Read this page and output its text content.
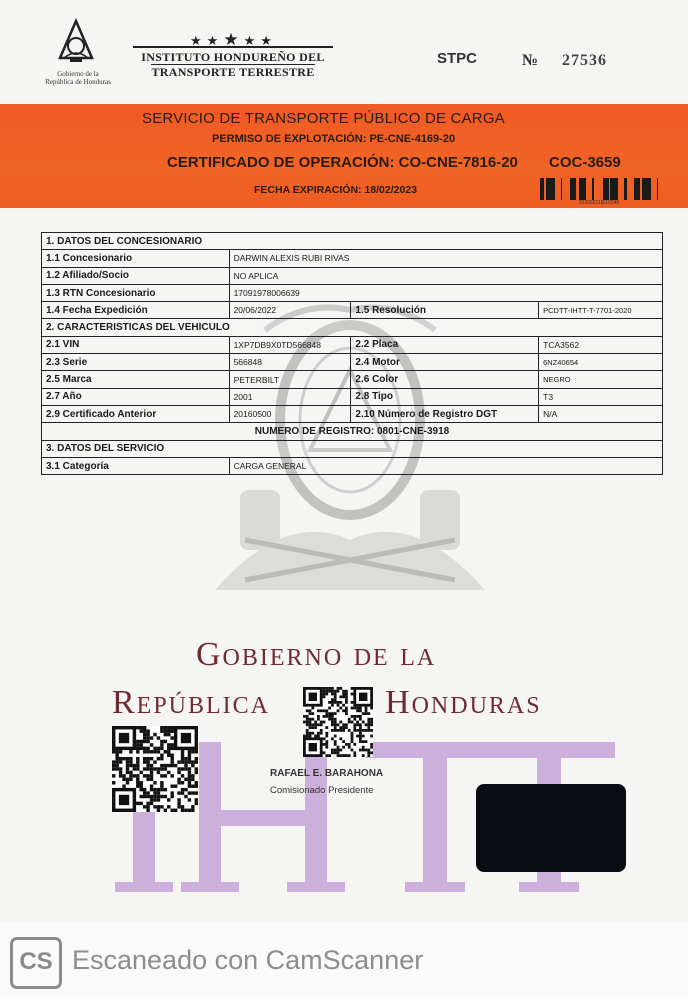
Gobierno de la
República de Honduras
★★★★★
INSTITUTO HONDUREÑO DEL
TRANSPORTE TERRESTRE
STPC	№ 27536
SERVICIO DE TRANSPORTE PÚBLICO DE CARGA
PERMISO DE EXPLOTACIÓN: PE-CNE-4169-20
CERTIFICADO DE OPERACIÓN: CO-CNE-7816-20 COC-3659
FECHA EXPIRACIÓN: 18/02/2023
20200211|E16048
1. DATOS DEL CONCESIONARIO			
1.1 Concesionario	DARWIN ALEXIS RUBI RIVAS		
1.2 Afiliado/Socio	NO APLICA		
1.3 RTN Concesionario	17091978006639		
1.4 Fecha Expedición	20/06/2022	1.5 Resolución	PCDTT-IHTT-T-7701-2020
2. CARACTERISTICAS DEL VEHICULO			
2.1 VIN	1XP7DB9X0TD566848	2.2 Placa	TCA3562
2.3 Serie	566848	2.4 Motor	6NZ40654
2.5 Marca	PETERBILT	2.6 Color	NEGRO
2.7 Año	2001	2.8 Tipo	T3
2.9 Certificado Anterior	20160500	2.10 Número de Registro DGT	N/A
NUMERO DE REGISTRO: 0801-CNE-3918			
3. DATOS DEL SERVICIO			
3.1 Categoría	CARGA GENERAL		
Gobierno de la
República	Honduras
RAFAEL E. BARAHONA
Comisionado Presidente
CS Escaneado con CamScanner
